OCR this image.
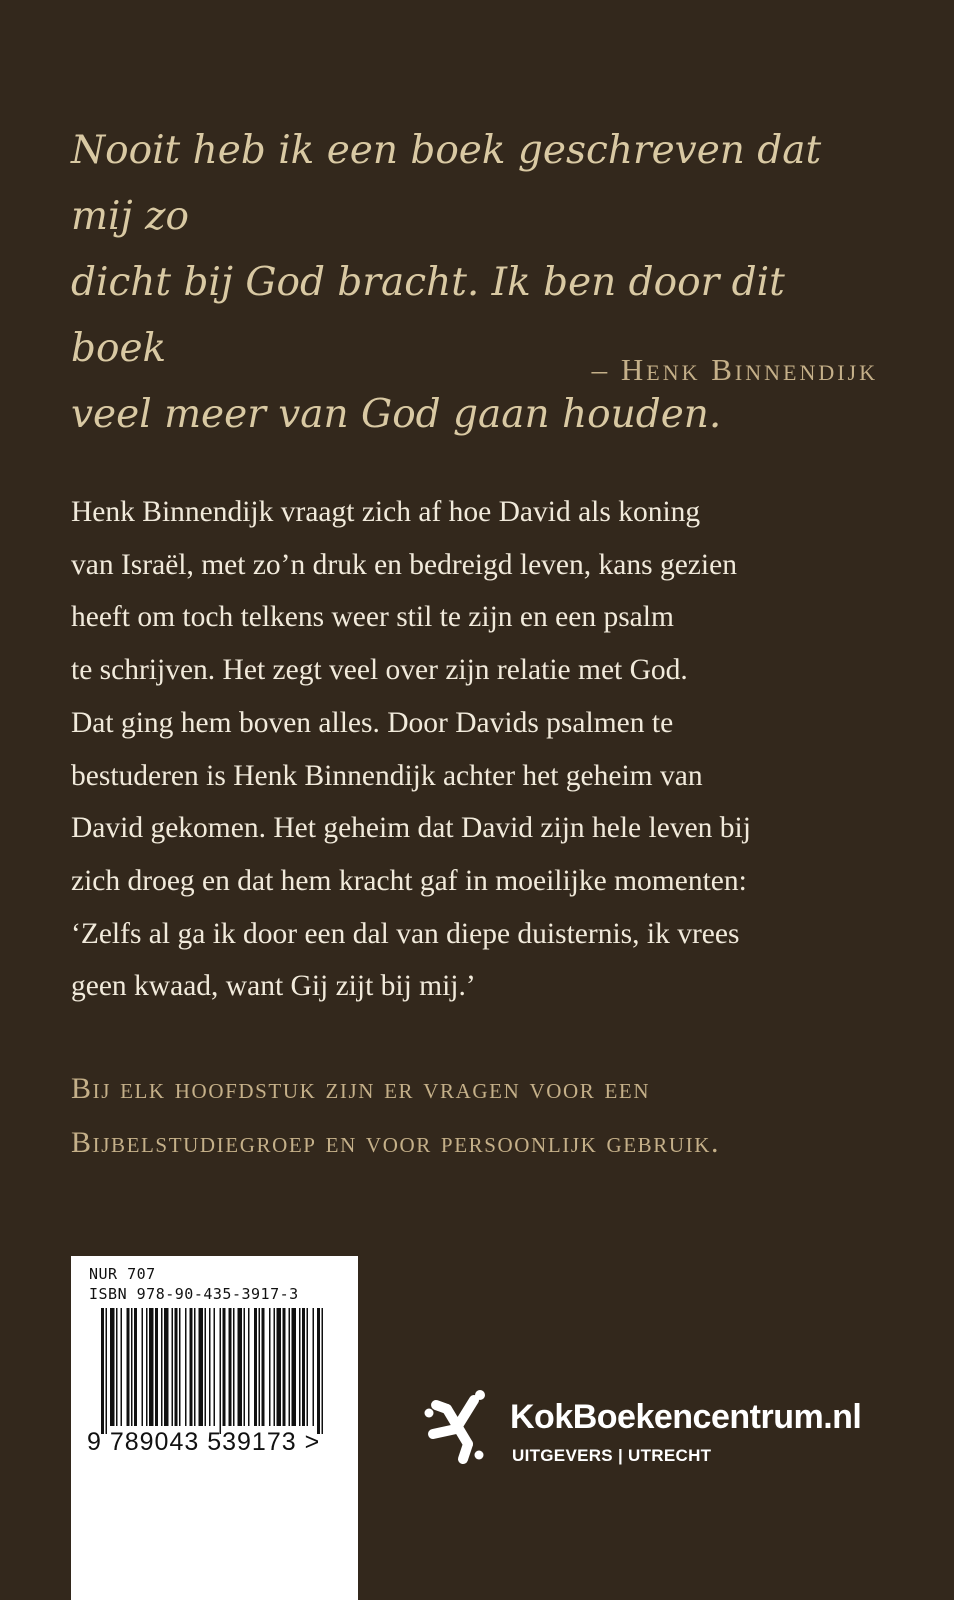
Nooit heb ik een boek geschreven dat mij zo
dicht bij God bracht. Ik ben door dit boek
veel meer van God gaan houden.

– Henk Binnendijk

Henk Binnendijk vraagt zich af hoe David als koning
van Israël, met zo’n druk en bedreigd leven, kans gezien
heeft om toch telkens weer stil te zijn en een psalm
te schrijven. Het zegt veel over zijn relatie met God.
Dat ging hem boven alles. Door Davids psalmen te
bestuderen is Henk Binnendijk achter het geheim van
David gekomen. Het geheim dat David zijn hele leven bij
zich droeg en dat hem kracht gaf in moeilijke momenten:
‘Zelfs al ga ik door een dal van diepe duisternis, ik vrees
geen kwaad, want Gij zijt bij mij.’

Bij elk hoofdstuk zijn er vragen voor een
Bijbelstudiegroep en voor persoonlijk gebruik.

NUR 707
ISBN 978-90-435-3917-3
9 789043 539173 >
KokBoekencentrum.nl
UITGEVERS | UTRECHT
